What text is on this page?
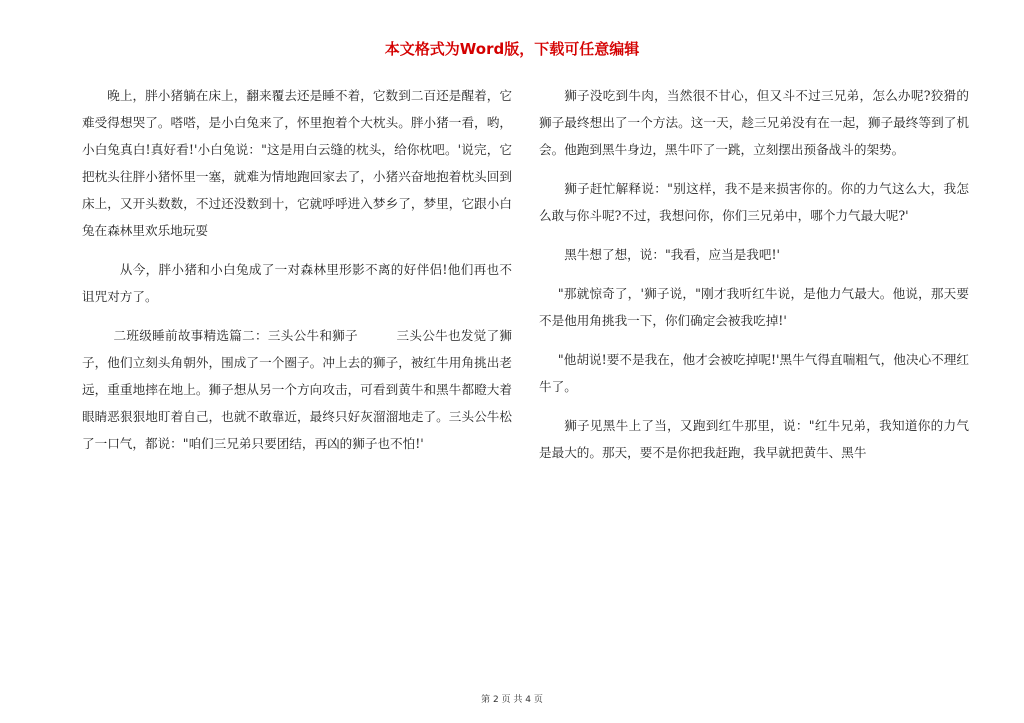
本文格式为Word版，下载可任意编辑

晚上，胖小猪躺在床上，翻来覆去还是睡不着，它数到二百还是醒着，它难受得想哭了。嗒嗒，是小白兔来了，怀里抱着个大枕头。胖小猪一看，哟，小白兔真白!真好看!'小白兔说："这是用白云缝的枕头，给你枕吧。'说完，它把枕头往胖小猪怀里一塞，就难为情地跑回家去了，小猪兴奋地抱着枕头回到床上，又开头数数，不过还没数到十，它就呼呼进入梦乡了，梦里，它跟小白兔在森林里欢乐地玩耍

从今，胖小猪和小白兔成了一对森林里形影不离的好伴侣!他们再也不诅咒对方了。

二班级睡前故事精选篇二：三头公牛和狮子　　　三头公牛也发觉了狮子，他们立刻头角朝外，围成了一个圈子。冲上去的狮子，被红牛用角挑出老远，重重地摔在地上。狮子想从另一个方向攻击，可看到黄牛和黑牛都瞪大着眼睛恶狠狠地盯着自己，也就不敢靠近，最终只好灰溜溜地走了。三头公牛松了一口气，都说："咱们三兄弟只要团结，再凶的狮子也不怕!'

狮子没吃到牛肉，当然很不甘心，但又斗不过三兄弟，怎么办呢?狡猾的狮子最终想出了一个方法。这一天，趁三兄弟没有在一起，狮子最终等到了机会。他跑到黑牛身边，黑牛吓了一跳，立刻摆出预备战斗的架势。

狮子赶忙解释说："别这样，我不是来损害你的。你的力气这么大，我怎么敢与你斗呢?不过，我想问你，你们三兄弟中，哪个力气最大呢?'

黑牛想了想，说："我看，应当是我吧!'

"那就惊奇了，'狮子说，"刚才我听红牛说，是他力气最大。他说，那天要不是他用角挑我一下，你们确定会被我吃掉!'

"他胡说!要不是我在，他才会被吃掉呢!'黑牛气得直喘粗气，他决心不理红牛了。

狮子见黑牛上了当，又跑到红牛那里，说："红牛兄弟，我知道你的力气是最大的。那天，要不是你把我赶跑，我早就把黄牛、黑牛

第 2 页 共 4 页
